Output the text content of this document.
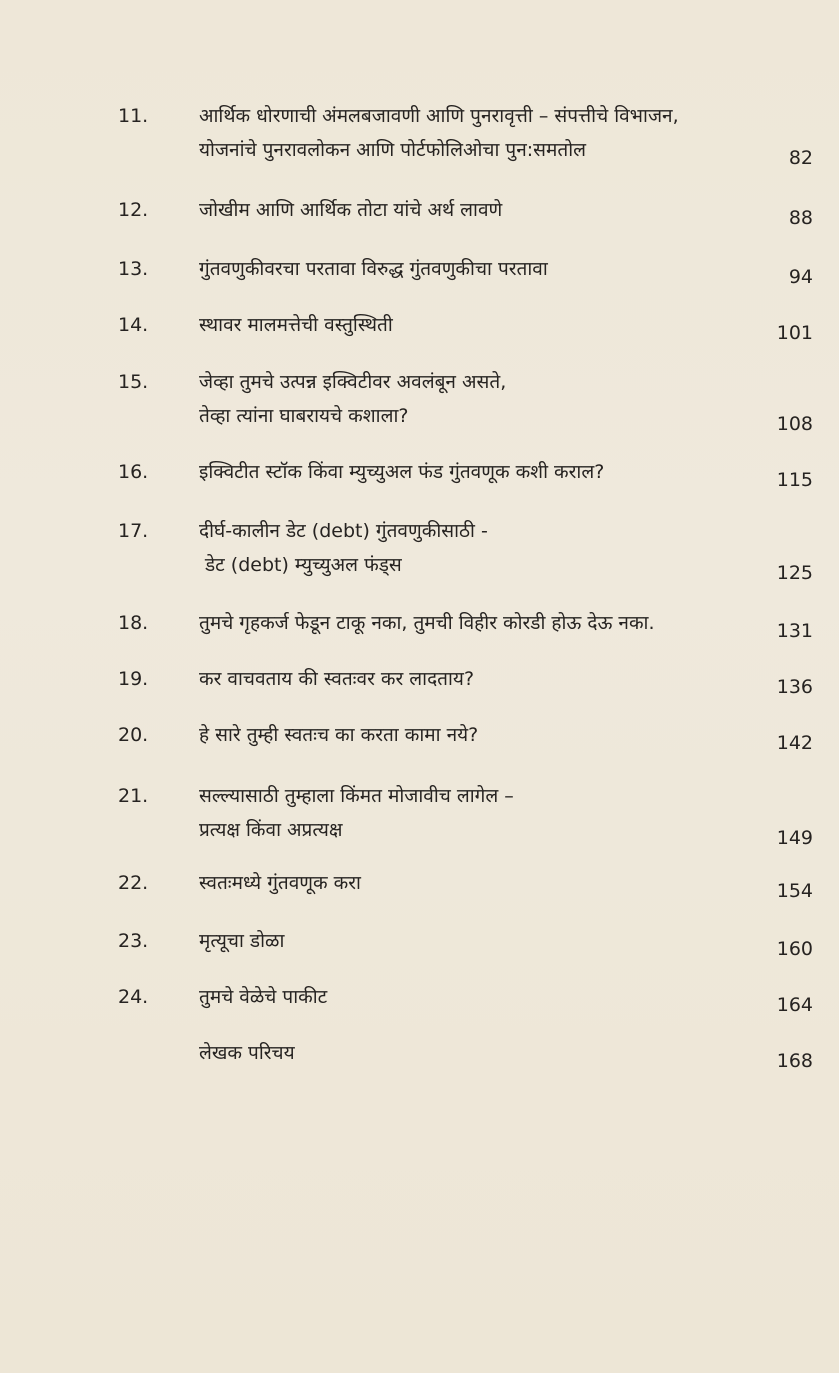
11.	आर्थिक धोरणाची अंमलबजावणी आणि पुनरावृत्ती – संपत्तीचे विभाजन,
योजनांचे पुनरावलोकन आणि पोर्टफोलिओचा पुन:समतोल	82
12.	जोखीम आणि आर्थिक तोटा यांचे अर्थ लावणे	88
13.	गुंतवणुकीवरचा परतावा विरुद्ध गुंतवणुकीचा परतावा	94
14.	स्थावर मालमत्तेची वस्तुस्थिती	101
15.	जेव्हा तुमचे उत्पन्न इक्विटीवर अवलंबून असते,
तेव्हा त्यांना घाबरायचे कशाला?	108
16.	इक्विटीत स्टॉक किंवा म्युच्युअल फंड गुंतवणूक कशी कराल?	115
17.	दीर्घ-कालीन डेट (debt) गुंतवणुकीसाठी -
डेट (debt) म्युच्युअल फंड्स	125
18.	तुमचे गृहकर्ज फेडून टाकू नका, तुमची विहीर कोरडी होऊ देऊ नका.	131
19.	कर वाचवताय की स्वतःवर कर लादताय?	136
20.	हे सारे तुम्ही स्वतःच का करता कामा नये?	142
21.	सल्ल्यासाठी तुम्हाला किंमत मोजावीच लागेल –
प्रत्यक्ष किंवा अप्रत्यक्ष	149
22.	स्वतःमध्ये गुंतवणूक करा	154
23.	मृत्यूचा डोळा	160
24.	तुमचे वेळेचे पाकीट	164
लेखक परिचय	168
